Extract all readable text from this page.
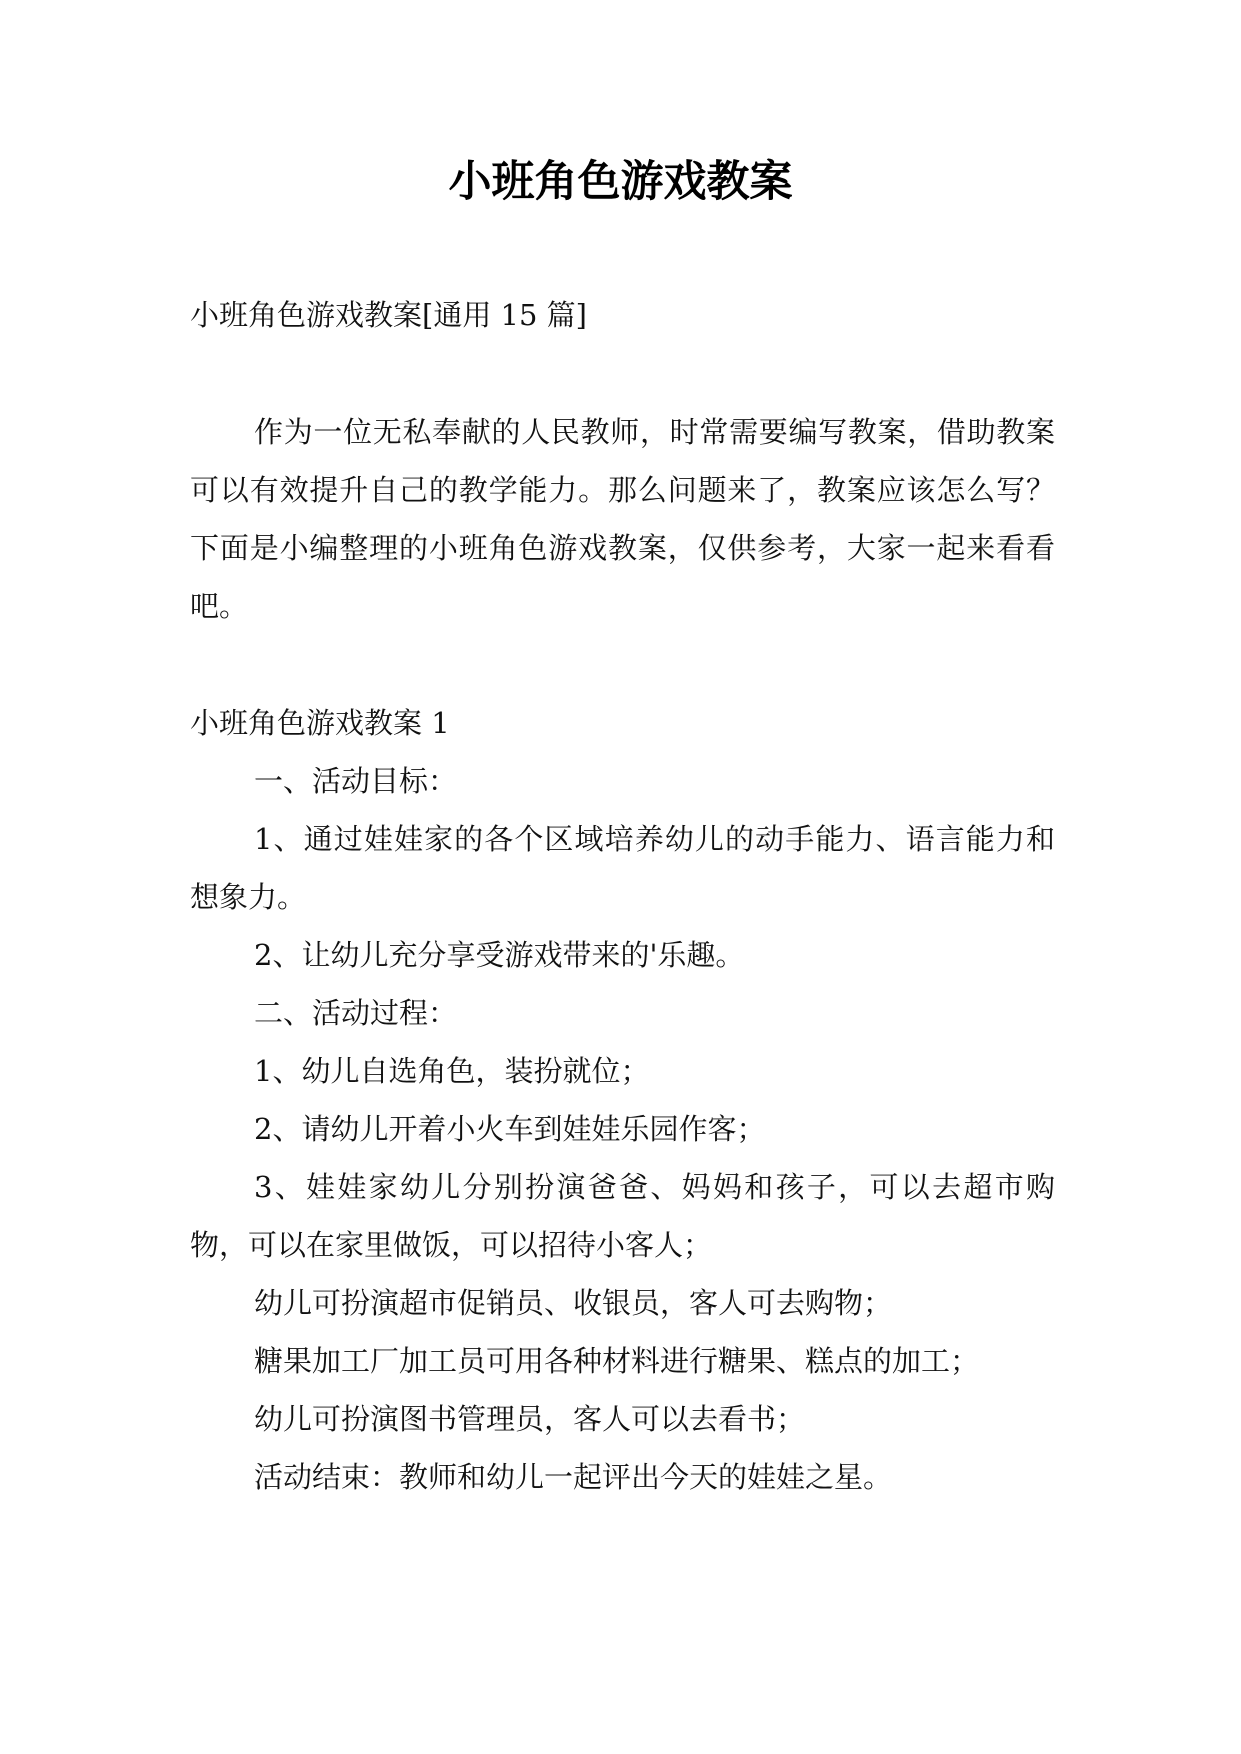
小班角色游戏教案

小班角色游戏教案[通用 15 篇]

作为一位无私奉献的人民教师，时常需要编写教案，借助教案可以有效提升自己的教学能力。那么问题来了，教案应该怎么写？下面是小编整理的小班角色游戏教案，仅供参考，大家一起来看看吧。

小班角色游戏教案 1

一、活动目标：

1、通过娃娃家的各个区域培养幼儿的动手能力、语言能力和想象力。

2、让幼儿充分享受游戏带来的'乐趣。

二、活动过程：

1、幼儿自选角色，装扮就位；

2、请幼儿开着小火车到娃娃乐园作客；

3、娃娃家幼儿分别扮演爸爸、妈妈和孩子，可以去超市购物，可以在家里做饭，可以招待小客人；

幼儿可扮演超市促销员、收银员，客人可去购物；

糖果加工厂加工员可用各种材料进行糖果、糕点的加工；

幼儿可扮演图书管理员，客人可以去看书；

活动结束：教师和幼儿一起评出今天的娃娃之星。
